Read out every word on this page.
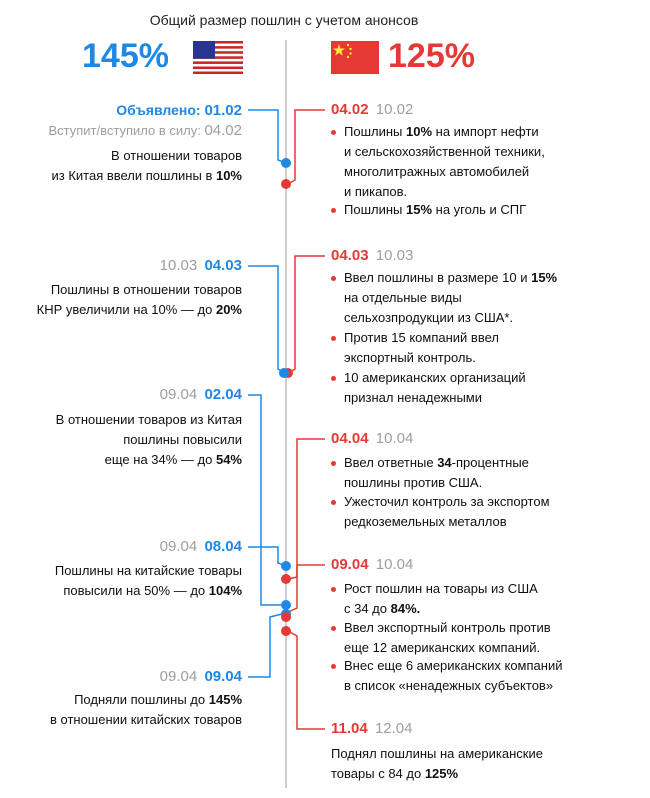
Общий размер пошлин с учетом анонсов
145%	125%
Объявлено: 01.02
Вступит/вступило в силу: 04.02
В отношении товаров
из Китая ввели пошлины в 10%
10.03 04.03
Пошлины в отношении товаров
КНР увеличили на 10% — до 20%
09.04 02.04
В отношении товаров из Китая
пошлины повысили
еще на 34% — до 54%
09.04 08.04
Пошлины на китайские товары
повысили на 50% — до 104%
09.04 09.04
Подняли пошлины до 145%
в отношении китайских товаров
04.02 10.02
Пошлины 10% на импорт нефти
и сельскохозяйственной техники,
многолитражных автомобилей
и пикапов.
Пошлины 15% на уголь и СПГ
04.03 10.03
Ввел пошлины в размере 10 и 15%
на отдельные виды
сельхозпродукции из США*.
Против 15 компаний ввел
экспортный контроль.
10 американских организаций
признал ненадежными
04.04 10.04
Ввел ответные 34-процентные
пошлины против США.
Ужесточил контроль за экспортом
редкоземельных металлов
09.04 10.04
Рост пошлин на товары из США
с 34 до 84%.
Ввел экспортный контроль против
еще 12 американских компаний.
Внес еще 6 американских компаний
в список «ненадежных субъектов»
11.04 12.04
Поднял пошлины на американские
товары с 84 до 125%
